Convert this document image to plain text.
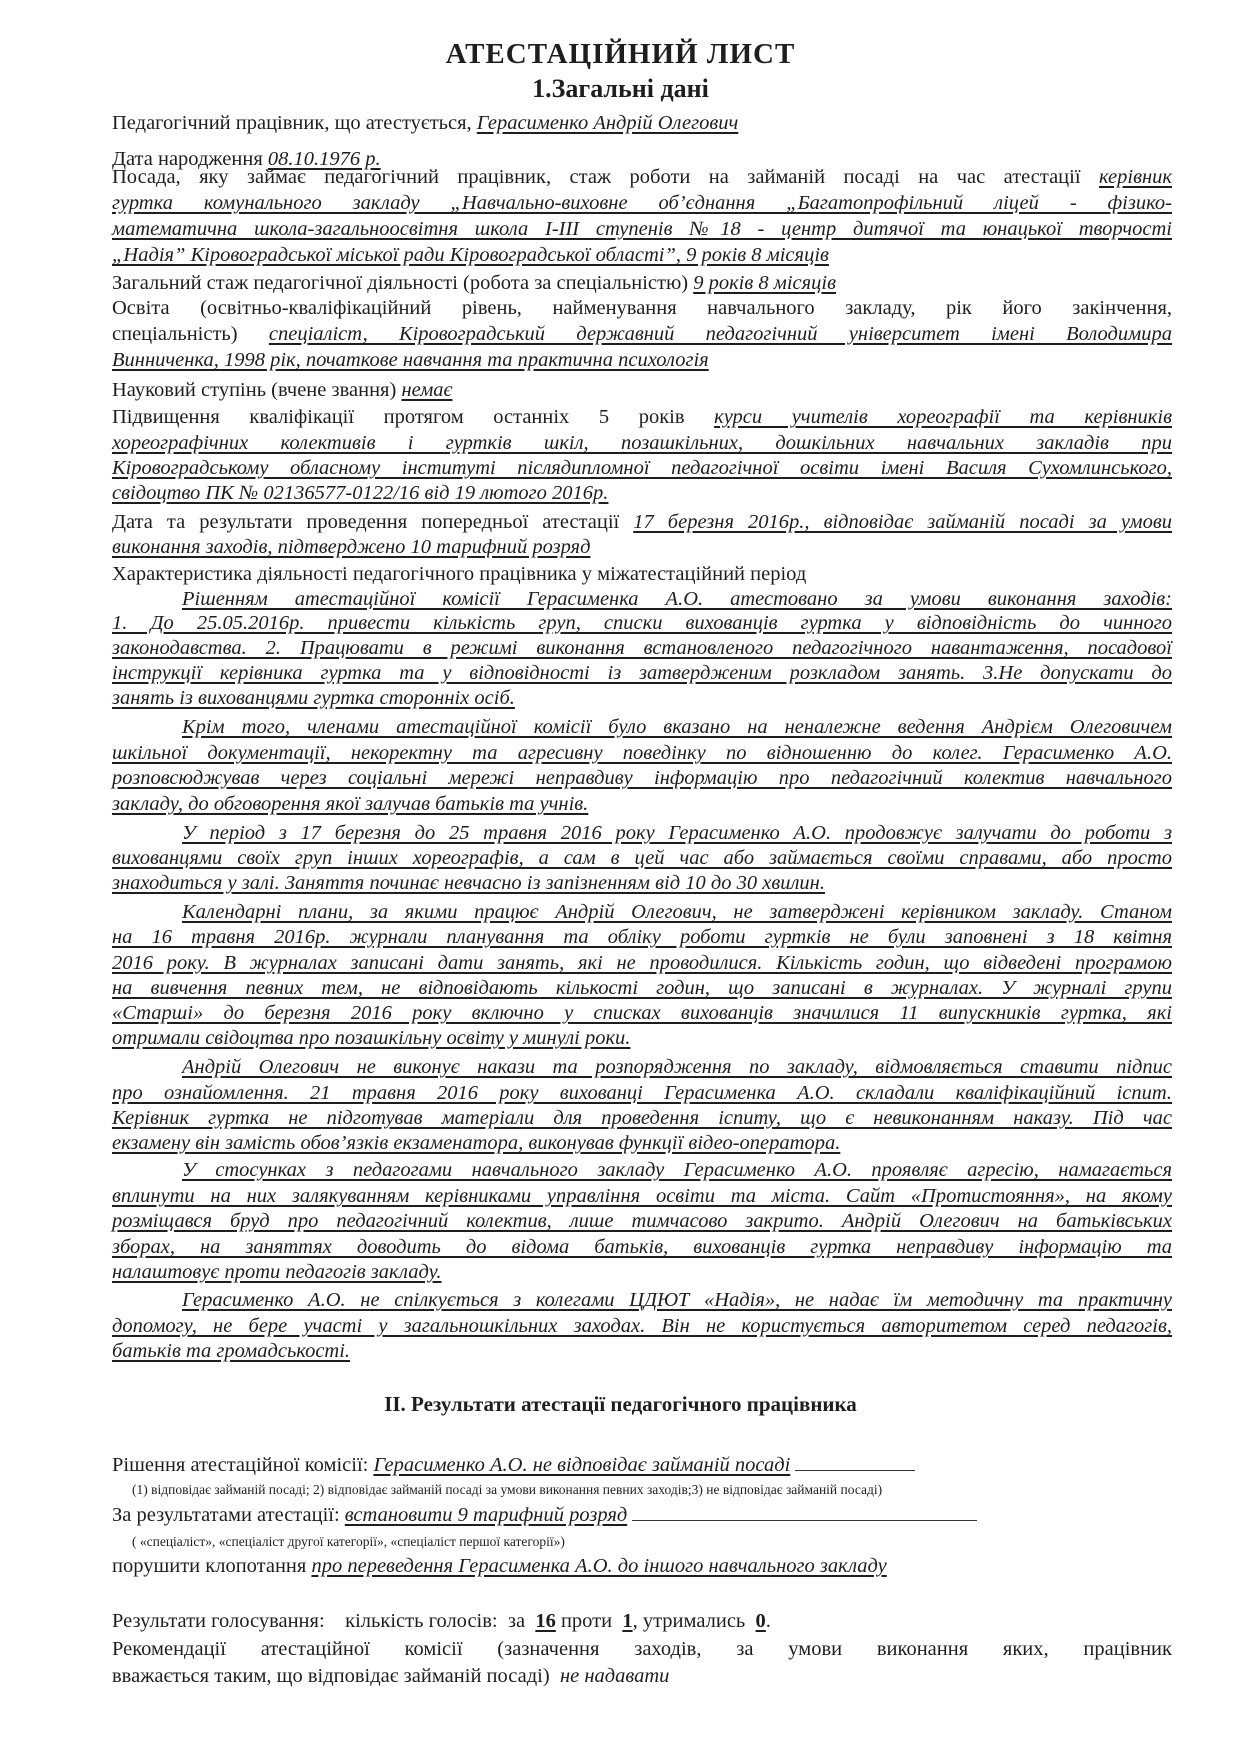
АТЕСТАЦІЙНИЙ ЛИСТ
1.Загальні дані
Педагогічний працівник, що атестується, Герасименко Андрій Олегович
Дата народження 08.10.1976 р.
Посада, яку займає педагогічний працівник, стаж роботи на займаній посаді на час атестації керівник
гуртка комунального закладу „Навчально-виховне об’єднання „Багатопрофільний ліцей - фізико-
математична школа-загальноосвітня школа І-ІІІ ступенів №18 - центр дитячої та юнацької творчості
„Надія” Кіровоградської міської ради Кіровоградської області”, 9 років 8 місяців
Загальний стаж педагогічної діяльності (робота за спеціальністю) 9 років 8 місяців
Освіта (освітньо-кваліфікаційний рівень, найменування навчального закладу, рік його закінчення,
спеціальність) спеціаліст, Кіровоградський державний педагогічний університет імені Володимира
Винниченка, 1998 рік, початкове навчання та практична психологія
Науковий ступінь (вчене звання) немає
Підвищення кваліфікації протягом останніх 5 років курси учителів хореографії та керівників
хореографічних колективів і гуртків шкіл, позашкільних, дошкільних навчальних закладів при
Кіровоградському обласному інституті післядипломної педагогічної освіти імені Василя Сухомлинського,
свідоцтво ПК № 02136577-0122/16 від 19 лютого 2016р.
Дата та результати проведення попередньої атестації 17 березня 2016р., відповідає займаній посаді за умови
виконання заходів, підтверджено 10 тарифний розряд
Характеристика діяльності педагогічного працівника у міжатестаційний період
Рішенням атестаційної комісії Герасименка А.О. атестовано за умови виконання заходів:
1. До 25.05.2016р. привести кількість груп, списки вихованців гуртка у відповідність до чинного
законодавства. 2. Працювати в режимі виконання встановленого педагогічного навантаження, посадової
інструкції керівника гуртка та у відповідності із затвердженим розкладом занять. 3.Не допускати до
занять із вихованцями гуртка сторонніх осіб.
Крім того, членами атестаційної комісії було вказано на неналежне ведення Андрієм Олеговичем
шкільної документації, некоректну та агресивну поведінку по відношенню до колег. Герасименко А.О.
розповсюджував через соціальні мережі неправдиву інформацію про педагогічний колектив навчального
закладу, до обговорення якої залучав батьків та учнів.
У період з 17 березня до 25 травня 2016 року Герасименко А.О. продовжує залучати до роботи з
вихованцями своїх груп інших хореографів, а сам в цей час або займається своїми справами, або просто
знаходиться у залі. Заняття починає невчасно із запізненням від 10 до 30 хвилин.
Календарні плани, за якими працює Андрій Олегович, не затверджені керівником закладу. Станом
на 16 травня 2016р. журнали планування та обліку роботи гуртків не були заповнені з 18 квітня
2016 року. В журналах записані дати занять, які не проводилися. Кількість годин, що відведені програмою
на вивчення певних тем, не відповідають кількості годин, що записані в журналах. У журналі групи
«Старші» до березня 2016 року включно у списках вихованців значилися 11 випускників гуртка, які
отримали свідоцтва про позашкільну освіту у минулі роки.
Андрій Олегович не виконує накази та розпорядження по закладу, відмовляється ставити підпис
про ознайомлення. 21 травня 2016 року вихованці Герасименка А.О. складали кваліфікаційний іспит.
Керівник гуртка не підготував матеріали для проведення іспиту, що є невиконанням наказу. Під час
екзамену він замість обов’язків екзаменатора, виконував функції відео-оператора.
У стосунках з педагогами навчального закладу Герасименко А.О. проявляє агресію, намагається
вплинути на них залякуванням керівниками управління освіти та міста. Сайт «Протистояння», на якому
розміщався бруд про педагогічний колектив, лише тимчасово закрито. Андрій Олегович на батьківських
зборах, на заняттях доводить до відома батьків, вихованців гуртка неправдиву інформацію та
налаштовує проти педагогів закладу.
Герасименко А.О. не спілкується з колегами ЦДЮТ «Надія», не надає їм методичну та практичну
допомогу, не бере участі у загальношкільних заходах. Він не користується авторитетом серед педагогів,
батьків та громадськості.
ІІ. Результати атестації педагогічного працівника
Рішення атестаційної комісії: Герасименко А.О. не відповідає займаній посаді
(1) відповідає займаній посаді; 2) відповідає займаній посаді за умови виконання певних заходів;3) не відповідає займаній посаді)
За результатами атестації: встановити 9 тарифний розряд
( «спеціаліст», «спеціаліст другої категорії», «спеціаліст першої категорії»)
порушити клопотання про переведення Герасименка А.О. до іншого навчального закладу
Результати голосування: кількість голосів: за 16 проти 1, утримались 0.
Рекомендації атестаційної комісії (зазначення заходів, за умови виконання яких, працівник
вважається таким, що відповідає займаній посаді) не надавати
